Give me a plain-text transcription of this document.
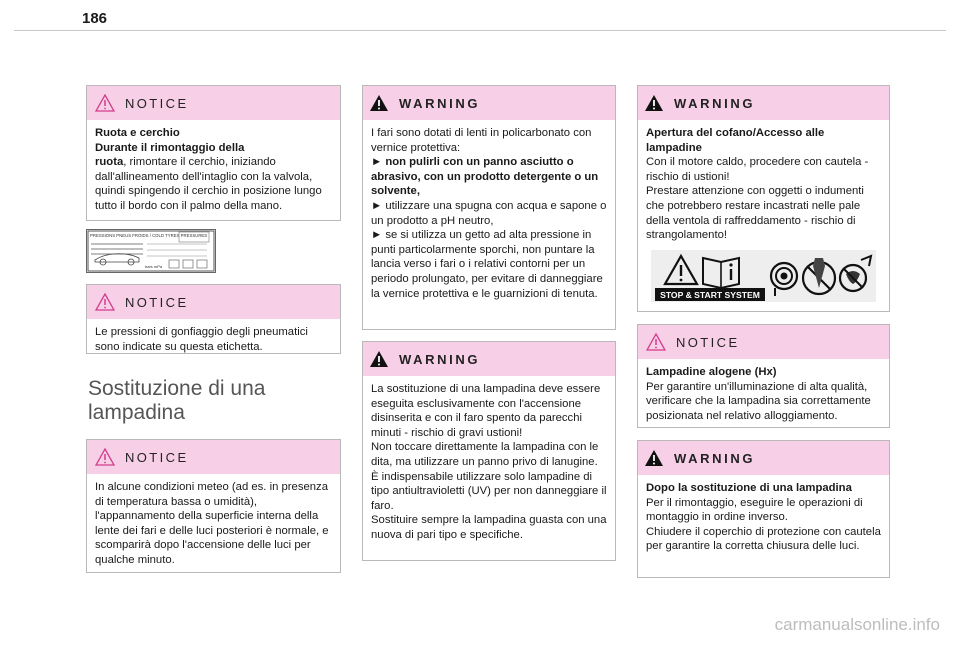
186
NOTICE

Ruota e cerchio

Durante il rimontaggio della

ruota, rimontare il cerchio, iniziando dall'allineamento dell'intaglio con la valvola, quindi spingendo il cerchio in posizione lungo tutto il bordo con il palmo della mano.

PRESSIONS PNEUS FROIDS / COLD TYRES PRESSURES
bars mPa
NOTICE

Le pressioni di gonfiaggio degli pneumatici sono indicate su questa etichetta.

Sostituzione di una
lampadina
NOTICE

In alcune condizioni meteo (ad es. in presenza di temperatura bassa o umidità), l'appannamento della superficie interna della lente dei fari e delle luci posteriori è normale, e scomparirà dopo l'accensione delle luci per qualche minuto.

WARNING

I fari sono dotati di lenti in policarbonato con vernice protettiva:

► non pulirli con un panno asciutto o abrasivo, con un prodotto detergente o un solvente,

► utilizzare una spugna con acqua e sapone o un prodotto a pH neutro,

► se si utilizza un getto ad alta pressione in punti particolarmente sporchi, non puntare la lancia verso i fari o i relativi contorni per un periodo prolungato, per evitare di danneggiare la vernice protettiva e le guarnizioni di tenuta.

WARNING

La sostituzione di una lampadina deve essere eseguita esclusivamente con l'accensione disinserita e con il faro spento da parecchi minuti - rischio di gravi ustioni!

Non toccare direttamente la lampadina con le dita, ma utilizzare un panno privo di lanugine.

È indispensabile utilizzare solo lampadine di tipo antiultravioletti (UV) per non danneggiare il faro.

Sostituire sempre la lampadina guasta con una nuova di pari tipo e specifiche.

WARNING

Apertura del cofano/Accesso alle lampadine

Con il motore caldo, procedere con cautela - rischio di ustioni!

Prestare attenzione con oggetti o indumenti che potrebbero restare incastrati nelle pale della ventola di raffreddamento - rischio di strangolamento!

STOP & START SYSTEM
NOTICE

Lampadine alogene (Hx)

Per garantire un'illuminazione di alta qualità, verificare che la lampadina sia correttamente posizionata nel relativo alloggiamento.

WARNING

Dopo la sostituzione di una lampadina

Per il rimontaggio, eseguire le operazioni di montaggio in ordine inverso.

Chiudere il coperchio di protezione con cautela per garantire la corretta chiusura delle luci.

carmanualsonline.info
